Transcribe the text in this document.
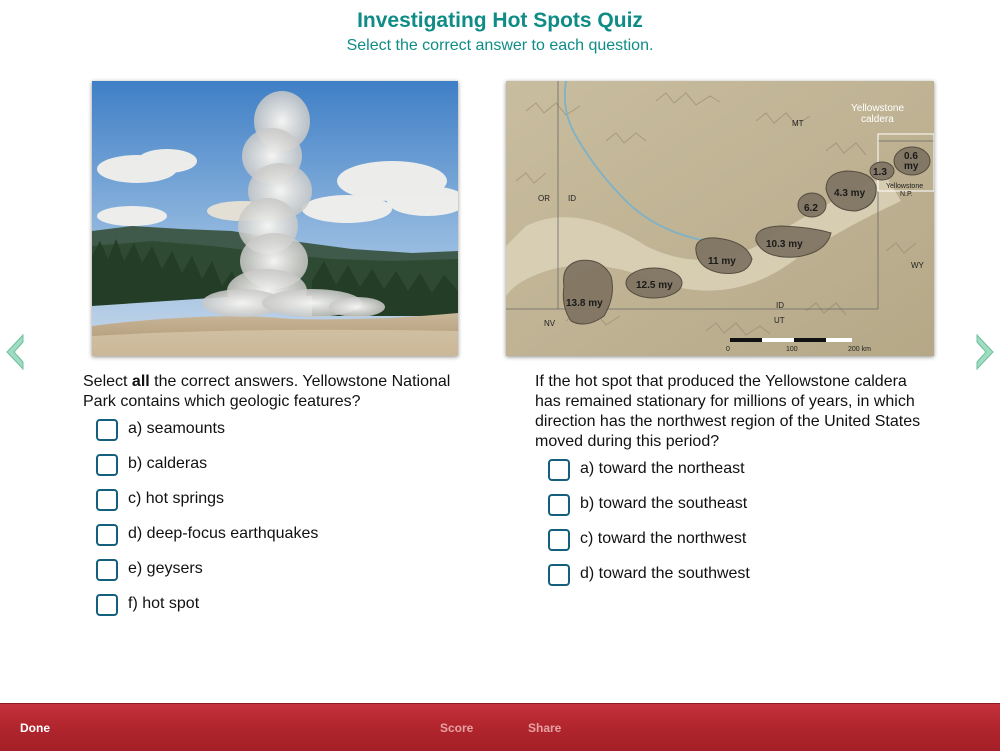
Investigating Hot Spots Quiz
Select the correct answer to each question.
Yellowstone
caldera
MT
OR ID
ID
UT
NV
WY
Yellowstone
N.P.
0	100	200 km
13.8 my
12.5 my
11 my
10.3 my
6.2
4.3 my
1.3
0.6
my
Select all the correct answers. Yellowstone National Park contains which geologic features?
a) seamounts
b) calderas
c) hot springs
d) deep-focus earthquakes
e) geysers
f) hot spot
If the hot spot that produced the Yellowstone caldera has remained stationary for millions of years, in which direction has the northwest region of the United States moved during this period?
a) toward the northeast
b) toward the southeast
c) toward the northwest
d) toward the southwest
Done	Score	Share
